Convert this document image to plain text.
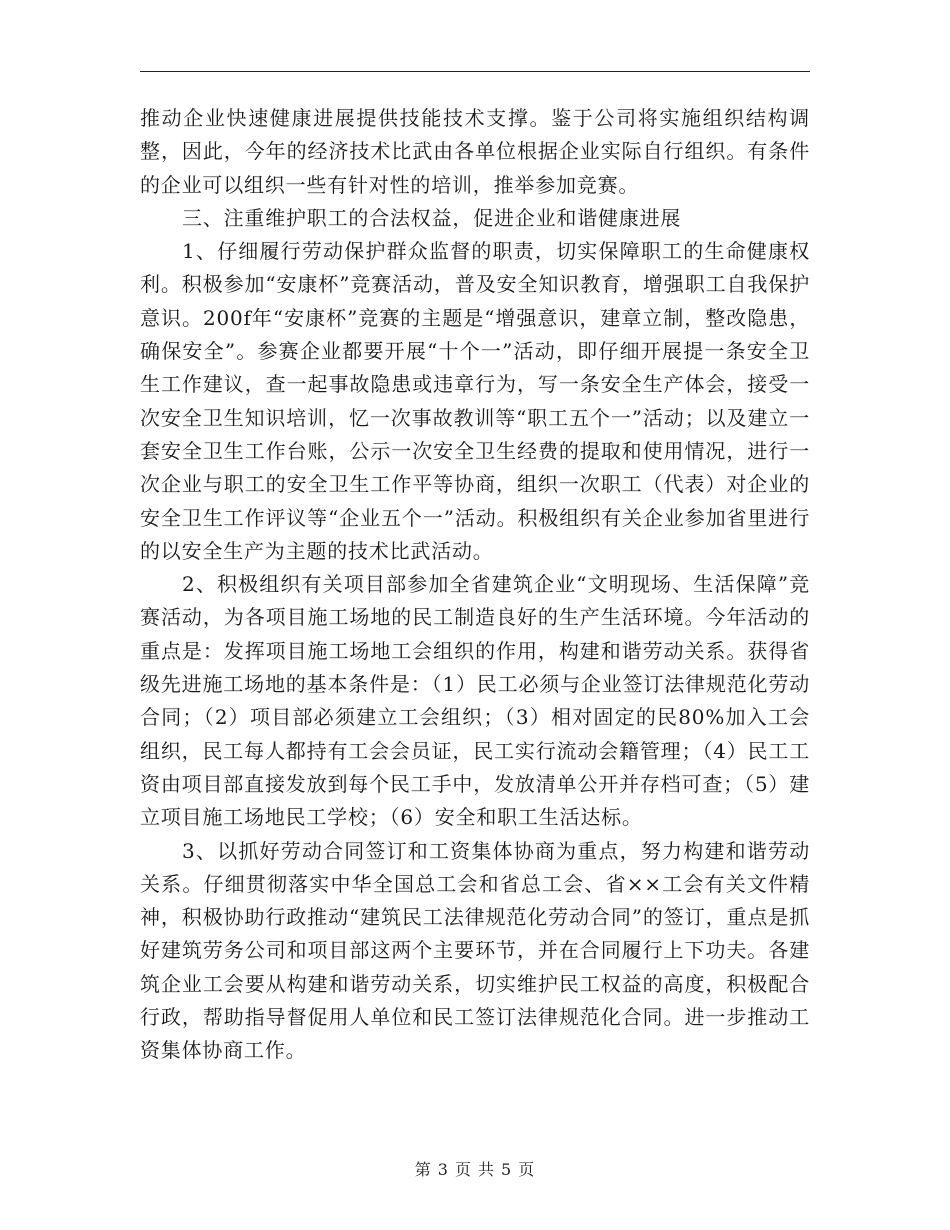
推动企业快速健康进展提供技能技术支撑。鉴于公司将实施组织结构调整，因此，今年的经济技术比武由各单位根据企业实际自行组织。有条件的企业可以组织一些有针对性的培训，推举参加竞赛。

三、注重维护职工的合法权益，促进企业和谐健康进展

1、仔细履行劳动保护群众监督的职责，切实保障职工的生命健康权利。积极参加“安康杯”竞赛活动，普及安全知识教育，增强职工自我保护意识。200f年“安康杯”竞赛的主题是“增强意识，建章立制，整改隐患，确保安全”。参赛企业都要开展“十个一”活动，即仔细开展提一条安全卫生工作建议，查一起事故隐患或违章行为，写一条安全生产体会，接受一次安全卫生知识培训，忆一次事故教训等“职工五个一”活动；以及建立一套安全卫生工作台账，公示一次安全卫生经费的提取和使用情况，进行一次企业与职工的安全卫生工作平等协商，组织一次职工（代表）对企业的安全卫生工作评议等“企业五个一”活动。积极组织有关企业参加省里进行的以安全生产为主题的技术比武活动。

2、积极组织有关项目部参加全省建筑企业“文明现场、生活保障”竞赛活动，为各项目施工场地的民工制造良好的生产生活环境。今年活动的重点是：发挥项目施工场地工会组织的作用，构建和谐劳动关系。获得省级先进施工场地的基本条件是：（1）民工必须与企业签订法律规范化劳动合同；（2）项目部必须建立工会组织；（3）相对固定的民80%加入工会组织，民工每人都持有工会会员证，民工实行流动会籍管理；（4）民工工资由项目部直接发放到每个民工手中，发放清单公开并存档可查；（5）建立项目施工场地民工学校；（6）安全和职工生活达标。

3、以抓好劳动合同签订和工资集体协商为重点，努力构建和谐劳动关系。仔细贯彻落实中华全国总工会和省总工会、省××工会有关文件精神，积极协助行政推动“建筑民工法律规范化劳动合同”的签订，重点是抓好建筑劳务公司和项目部这两个主要环节，并在合同履行上下功夫。各建筑企业工会要从构建和谐劳动关系，切实维护民工权益的高度，积极配合行政，帮助指导督促用人单位和民工签订法律规范化合同。进一步推动工资集体协商工作。

第 3 页 共 5 页
